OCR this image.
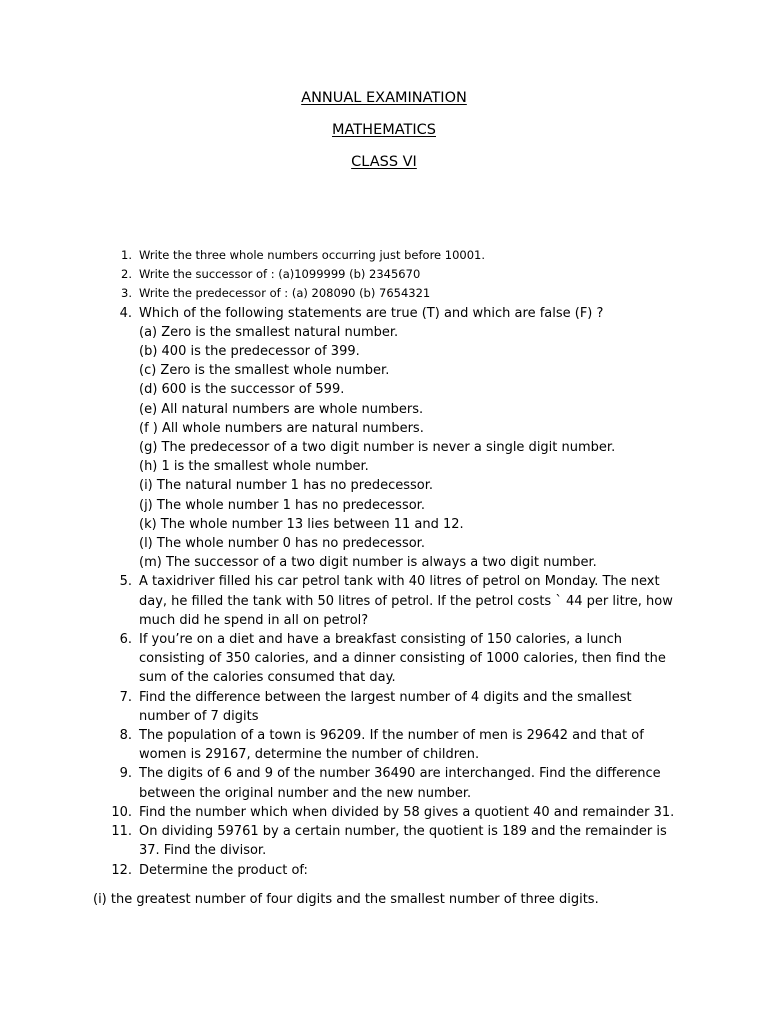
ANNUAL EXAMINATION
MATHEMATICS
CLASS VI
1. Write the three whole numbers occurring just before 10001.
2. Write the successor of : (a)1099999 (b) 2345670
3. Write the predecessor of : (a) 208090 (b) 7654321
4. Which of the following statements are true (T) and which are false (F) ?
(a) Zero is the smallest natural number.
(b) 400 is the predecessor of 399.
(c) Zero is the smallest whole number.
(d) 600 is the successor of 599.
(e) All natural numbers are whole numbers.
(f ) All whole numbers are natural numbers.
(g) The predecessor of a two digit number is never a single digit number.
(h) 1 is the smallest whole number.
(i) The natural number 1 has no predecessor.
(j) The whole number 1 has no predecessor.
(k) The whole number 13 lies between 11 and 12.
(l) The whole number 0 has no predecessor.
(m) The successor of a two digit number is always a two digit number.
5. A taxidriver filled his car petrol tank with 40 litres of petrol on Monday. The next day, he filled the tank with 50 litres of petrol. If the petrol costs ` 44 per litre, how much did he spend in all on petrol?
6. If you’re on a diet and have a breakfast consisting of 150 calories, a lunch consisting of 350 calories, and a dinner consisting of 1000 calories, then find the sum of the calories consumed that day.
7. Find the difference between the largest number of 4 digits and the smallest number of 7 digits
8. The population of a town is 96209. If the number of men is 29642 and that of women is 29167, determine the number of children.
9. The digits of 6 and 9 of the number 36490 are interchanged. Find the difference between the original number and the new number.
10. Find the number which when divided by 58 gives a quotient 40 and remainder 31.
11. On dividing 59761 by a certain number, the quotient is 189 and the remainder is 37. Find the divisor.
12. Determine the product of:

(i) the greatest number of four digits and the smallest number of three digits.
